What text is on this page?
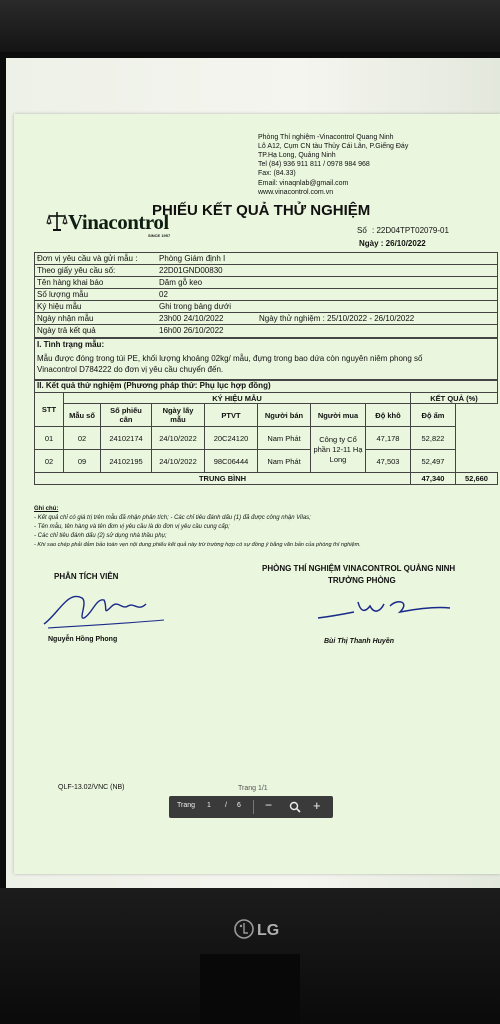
Phòng Thí nghiệm -Vinacontrol Quang Ninh
Lô A12, Cụm CN tàu Thủy Cái Lân, P.Giếng Đáy
TP.Hạ Long, Quảng Ninh
Tel (84) 936 911 811 / 0978 984 968
Fax: (84.33)
Email: vinaqnlab@gmail.com
www.vinacontrol.com.vn
Vinacontrol
SINCE 1957
PHIẾU KẾT QUẢ THỬ NGHIỆM
Số : 22D04TPT02079-01
Ngày : 26/10/2022
Đơn vị yêu cầu và gửi mẫu :	Phòng Giám định I
Theo giấy yêu cầu số:	22D01GND00830
Tên hàng khai báo	Dăm gỗ keo
Số lượng mẫu	02
Ký hiệu mẫu	Ghi trong bảng dưới
Ngày nhận mẫu	23h00 24/10/2022	Ngày thử nghiệm : 25/10/2022 - 26/10/2022
Ngày trả kết quả	16h00 26/10/2022
I. Tình trạng mẫu:
Mẫu được đóng trong túi PE, khối lượng khoảng 02kg/ mẫu, đựng trong bao dứa còn nguyên niêm phong số
Vinacontrol D784222 do đơn vị yêu cầu chuyển đến.
II. Kết quả thử nghiệm (Phương pháp thử: Phụ lục hợp đồng)
STT	KÝ HIỆU MẪU							KẾT QUẢ (%)	
	Mẫu số	Số phiếu cân	Ngày lấy mẫu	PTVT	Người bán	Người mua	Độ khô	Độ ẩm	
01	02	24102174	24/10/2022	20C24120	Nam Phát	Công ty Cổ phần 12-11 Hạ Long	47,178	52,822	
02	09	24102195	24/10/2022	98C06444	Nam Phát		47,503	52,497	
TRUNG BÌNH								47,340	52,660
Ghi chú:
- Kết quả chỉ có giá trị trên mẫu đã nhận phân tích; - Các chỉ tiêu đánh dấu (1) đã được công nhận Vilas;
- Tên mẫu, tên hàng và tên đơn vị yêu cầu là do đơn vị yêu cầu cung cấp;
- Các chỉ tiêu đánh dấu (2) sử dụng nhà thầu phụ;
- Khi sao chép phải đảm bảo toàn vẹn nội dung phiếu kết quả này trừ trường hợp có sự đồng ý bằng văn bản của phòng thí nghiệm.
PHÂN TÍCH VIÊN
Nguyễn Hồng Phong
PHÒNG THÍ NGHIỆM VINACONTROL QUẢNG NINH
TRƯỞNG PHÒNG
Bùi Thị Thanh Huyền
QLF-13.02/VNC (NB)	Trang 1/1
Trang 1 / 6 −	+
LG
